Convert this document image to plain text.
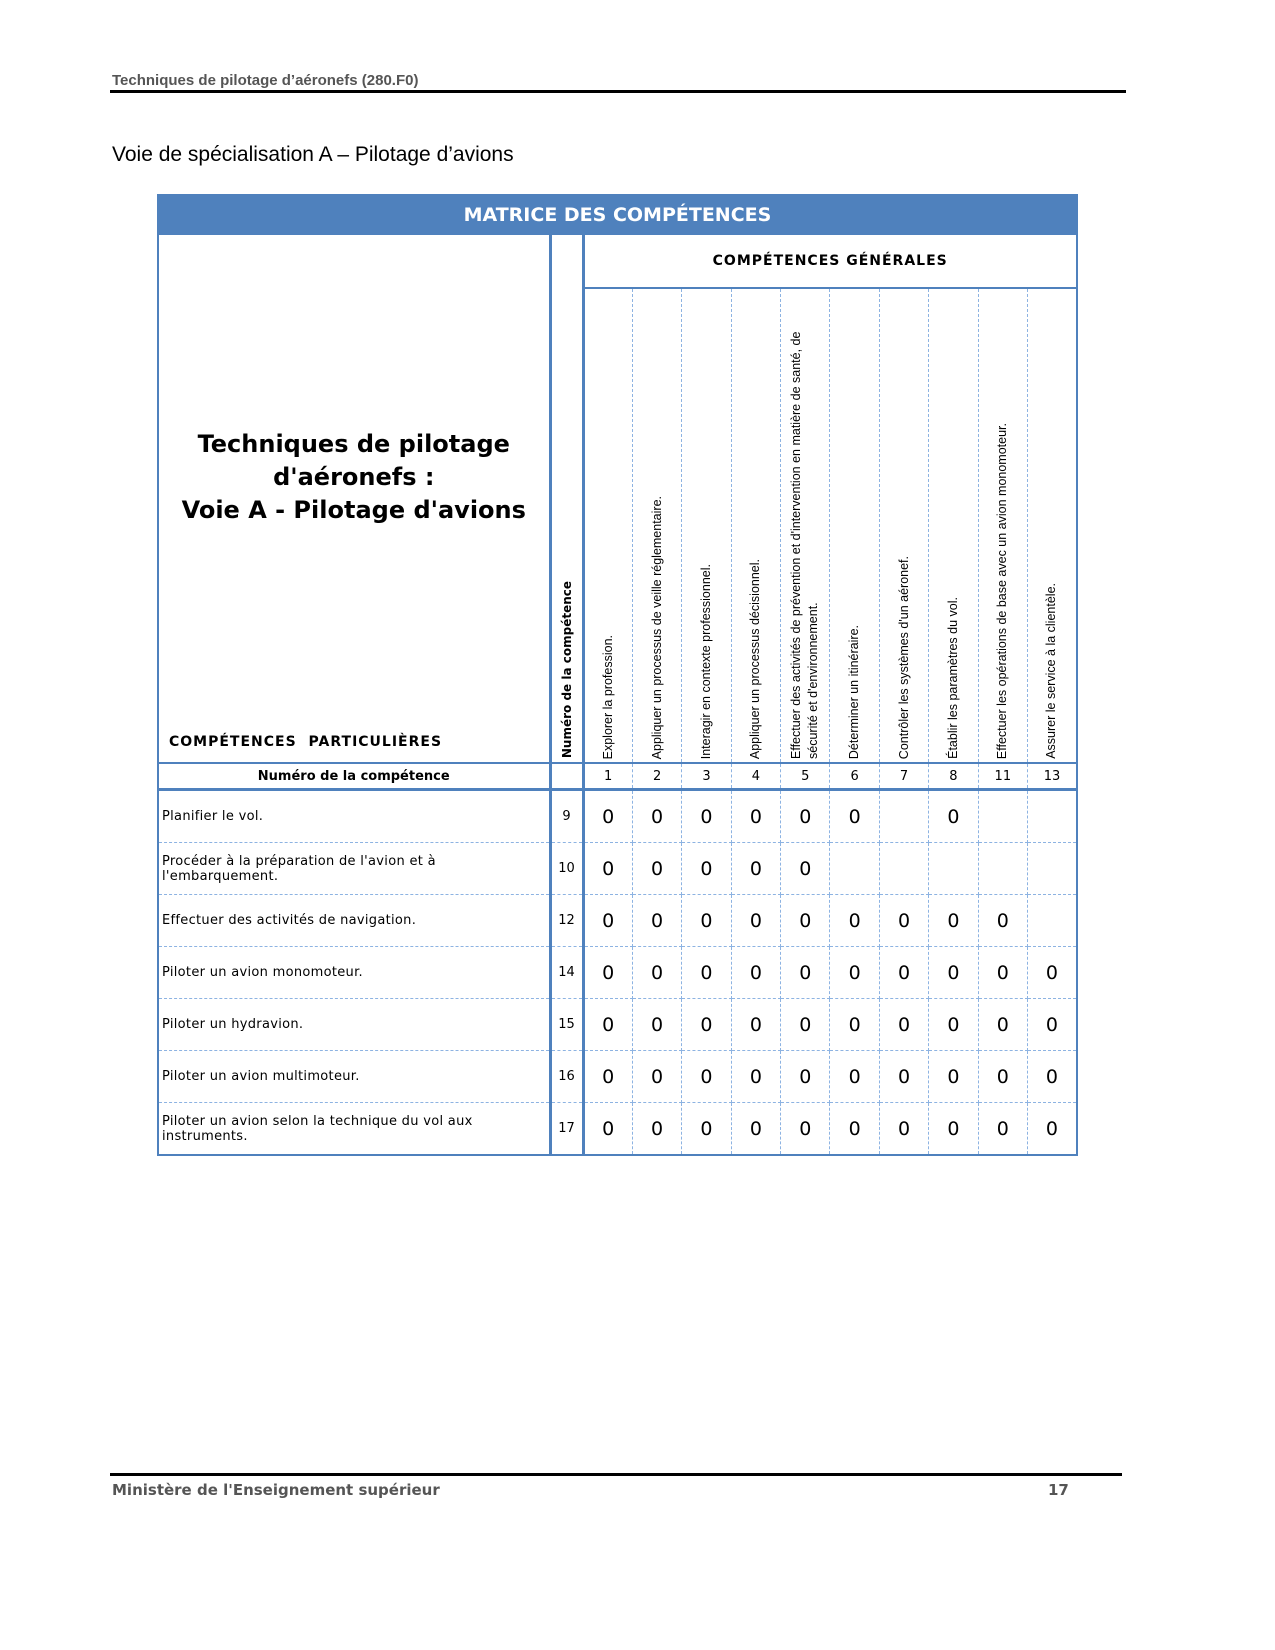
Techniques de pilotage d’aéronefs (280.F0)
Voie de spécialisation A – Pilotage d’avions
MATRICE DES COMPÉTENCES											

Techniques de pilotage
d'aéronefs :
Voie A - Pilotage d'avions
COMPÉTENCES PARTICULIÈRES	Numéro de la compétence	COMPÉTENCES GÉNÉRALES									

		Explorer la profession.	Appliquer un processus de veille réglementaire.	Interagir en contexte professionnel.	Appliquer un processus décisionnel.	Effectuer des activités de prévention et d'intervention en matière de santé, de sécurité et d'environnement.	Déterminer un itinéraire.	Contrôler les systèmes d'un aéronef.	Établir les paramètres du vol.	Effectuer les opérations de base avec un avion monomoteur.	Assurer le service à la clientèle.

Numéro de la compétence		1	2	3	4	5	6	7	8	11	13
Planifier le vol.	9	0	0	0	0	0	0		0		
Procéder à la préparation de l'avion et à l'embarquement.	10	0	0	0	0	0					
Effectuer des activités de navigation.	12	0	0	0	0	0	0	0	0	0	
Piloter un avion monomoteur.	14	0	0	0	0	0	0	0	0	0	0
Piloter un hydravion.	15	0	0	0	0	0	0	0	0	0	0
Piloter un avion multimoteur.	16	0	0	0	0	0	0	0	0	0	0
Piloter un avion selon la technique du vol aux instruments.	17	0	0	0	0	0	0	0	0	0	0
Ministère de l'Enseignement supérieur	17
